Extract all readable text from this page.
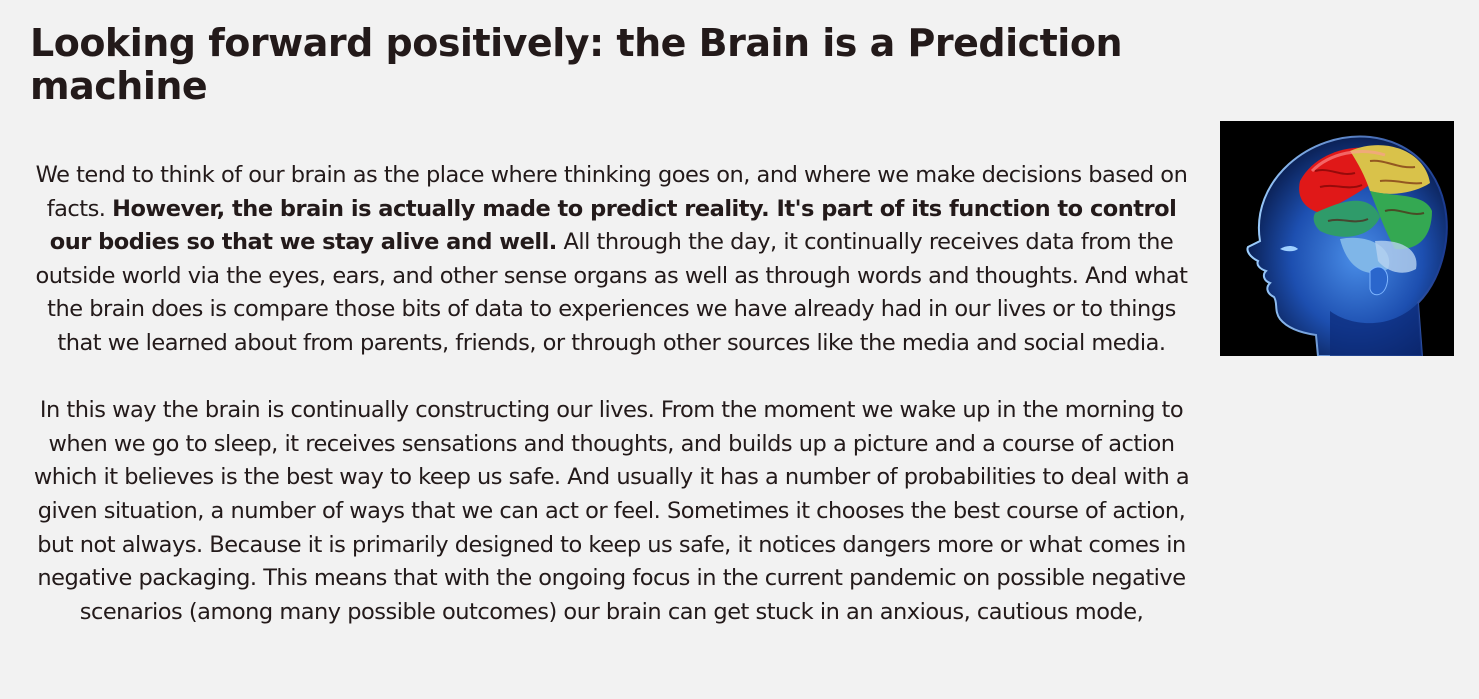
Looking forward positively: the Brain is a Prediction machine

We tend to think of our brain as the place where thinking goes on, and where we make decisions based on facts. However, the brain is actually made to predict reality. It's part of its function to control our bodies so that we stay alive and well. All through the day, it continually receives data from the outside world via the eyes, ears, and other sense organs as well as through words and thoughts. And what the brain does is compare those bits of data to experiences we have already had in our lives or to things that we learned about from parents, friends, or through other sources like the media and social media.

In this way the brain is continually constructing our lives. From the moment we wake up in the morning to when we go to sleep, it receives sensations and thoughts, and builds up a picture and a course of action which it believes is the best way to keep us safe. And usually it has a number of probabilities to deal with a given situation, a number of ways that we can act or feel. Sometimes it chooses the best course of action, but not always. Because it is primarily designed to keep us safe, it notices dangers more or what comes in negative packaging. This means that with the ongoing focus in the current pandemic on possible negative scenarios (among many possible outcomes) our brain can get stuck in an anxious, cautious mode,
